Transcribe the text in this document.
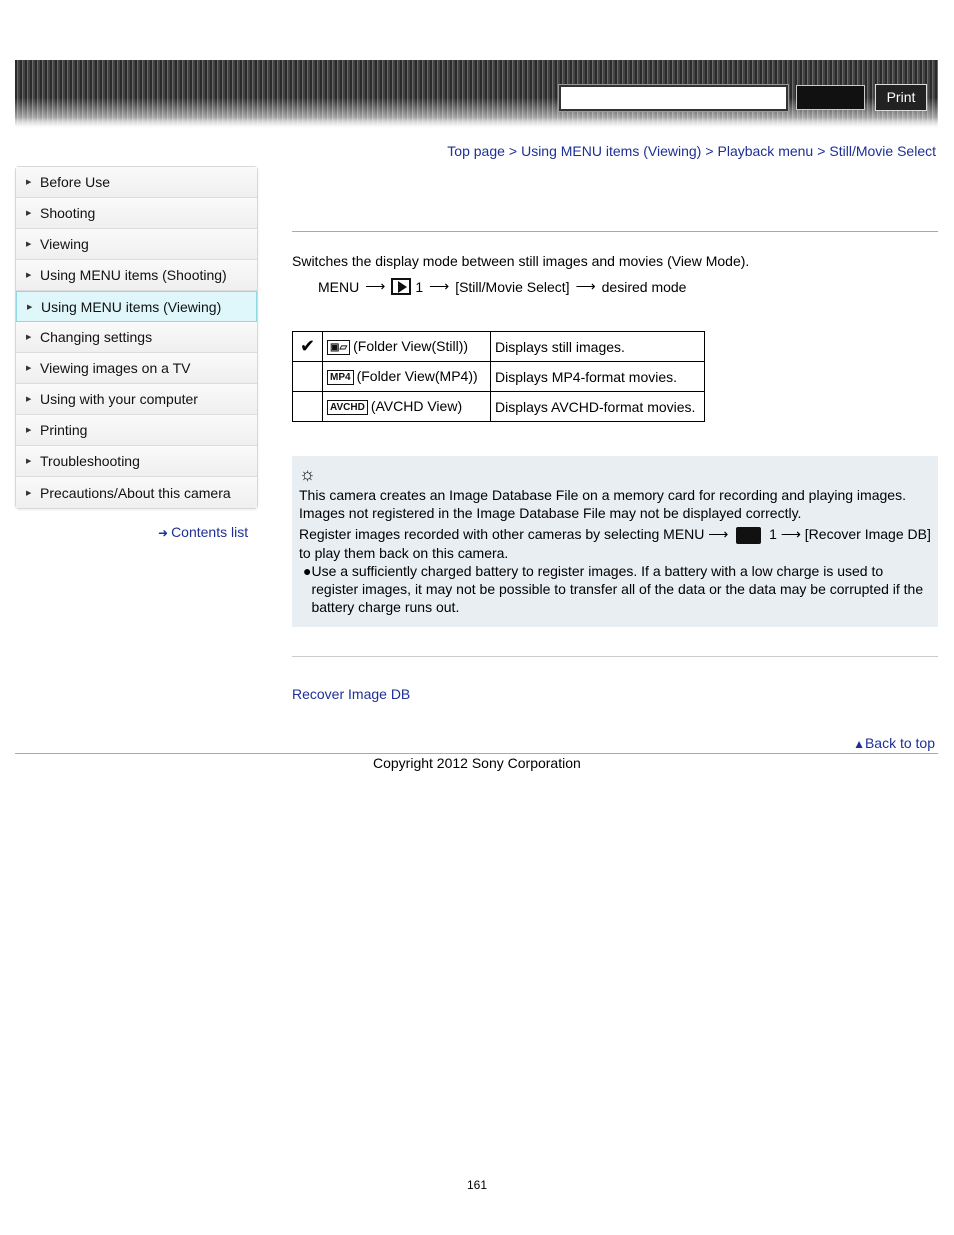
Print
Top page > Using MENU items (Viewing) > Playback menu > Still/Movie Select
▶ Before Use
▶ Shooting
▶ Viewing
▶ Using MENU items (Shooting)
▶ Using MENU items (Viewing)
▶ Changing settings
▶ Viewing images on a TV
▶ Using with your computer
▶ Printing
▶ Troubleshooting
▶ Precautions/About this camera
➜ Contents list
Switches the display mode between still images and movies (View Mode).
MENU ⟶ 1 ⟶ [Still/Movie Select] ⟶ desired mode
✔	▣▱ (Folder View(Still))	Displays still images.
	MP4 (Folder View(MP4))	Displays MP4-format movies.
	AVCHD (AVCHD View)	Displays AVCHD-format movies.
☼

This camera creates an Image Database File on a memory card for recording and playing images.

Images not registered in the Image Database File may not be displayed correctly.

Register images recorded with other cameras by selecting MENU ⟶	1 ⟶ [Recover Image DB]

to play them back on this camera.

● Use a sufficiently charged battery to register images. If a battery with a low charge is used to register images, it may not be possible to transfer all of the data or the data may be corrupted if the battery charge runs out.
Recover Image DB
▲Back to top
Copyright 2012 Sony Corporation
161
